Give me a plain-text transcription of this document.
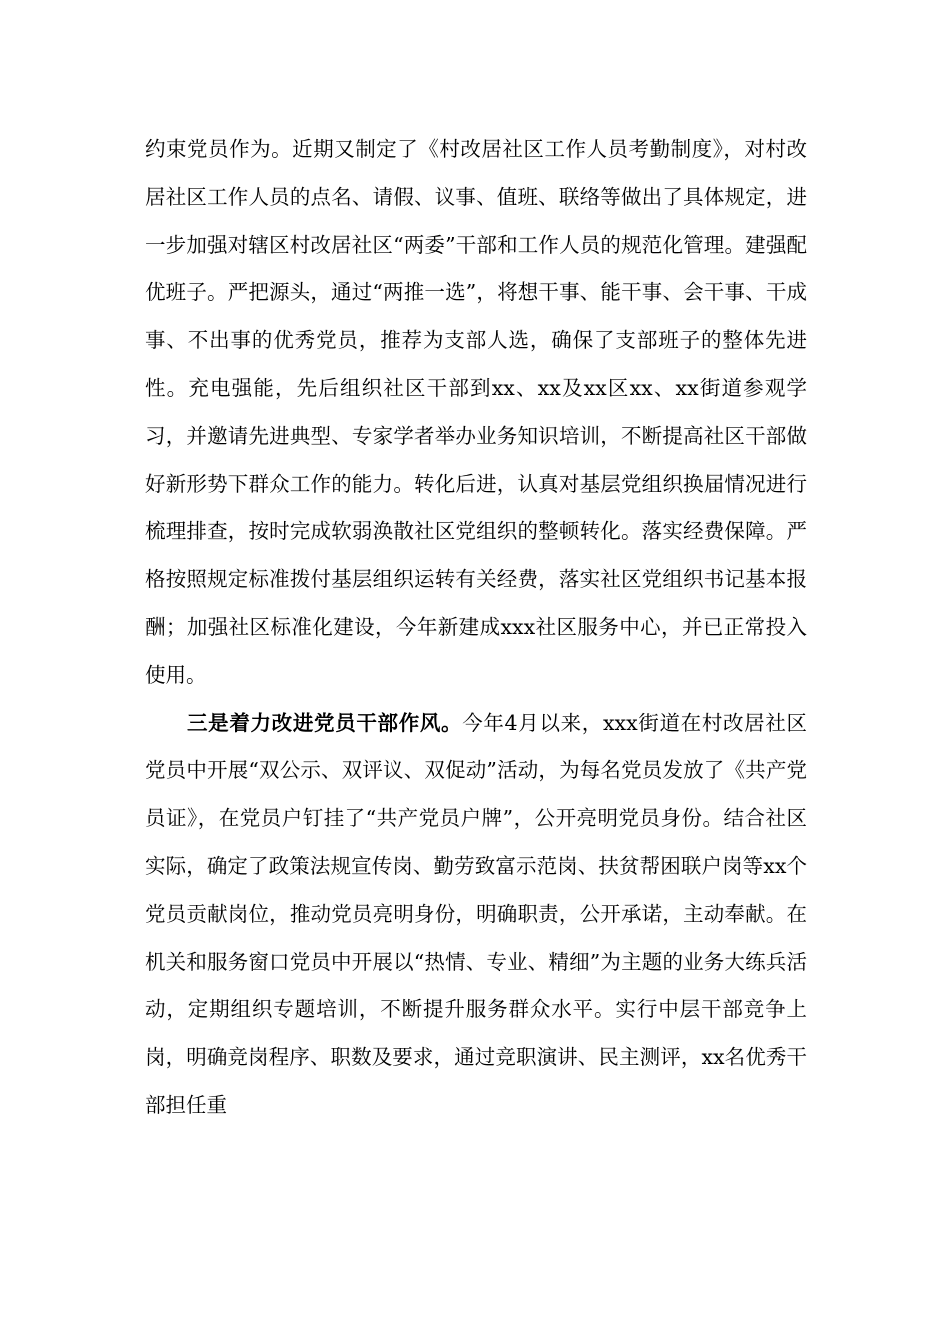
约束党员作为。近期又制定了《村改居社区工作人员考勤制度》，对村改居社区工作人员的点名、请假、议事、值班、联络等做出了具体规定，进一步加强对辖区村改居社区“两委”干部和工作人员的规范化管理。建强配优班子。严把源头，通过“两推一选”，将想干事、能干事、会干事、干成事、不出事的优秀党员，推荐为支部人选，确保了支部班子的整体先进性。充电强能，先后组织社区干部到xx、xx及xx区xx、xx街道参观学习，并邀请先进典型、专家学者举办业务知识培训，不断提高社区干部做好新形势下群众工作的能力。转化后进，认真对基层党组织换届情况进行梳理排查，按时完成软弱涣散社区党组织的整顿转化。落实经费保障。严格按照规定标准拨付基层组织运转有关经费，落实社区党组织书记基本报酬；加强社区标准化建设，今年新建成xxx社区服务中心，并已正常投入使用。

三是着力改进党员干部作风。今年4月以来，xxx街道在村改居社区党员中开展“双公示、双评议、双促动”活动，为每名党员发放了《共产党员证》，在党员户钉挂了“共产党员户牌”，公开亮明党员身份。结合社区实际，确定了政策法规宣传岗、勤劳致富示范岗、扶贫帮困联户岗等xx个党员贡献岗位，推动党员亮明身份，明确职责，公开承诺，主动奉献。在机关和服务窗口党员中开展以“热情、专业、精细”为主题的业务大练兵活动，定期组织专题培训，不断提升服务群众水平。实行中层干部竞争上岗，明确竞岗程序、职数及要求，通过竞职演讲、民主测评，xx名优秀干部担任重
